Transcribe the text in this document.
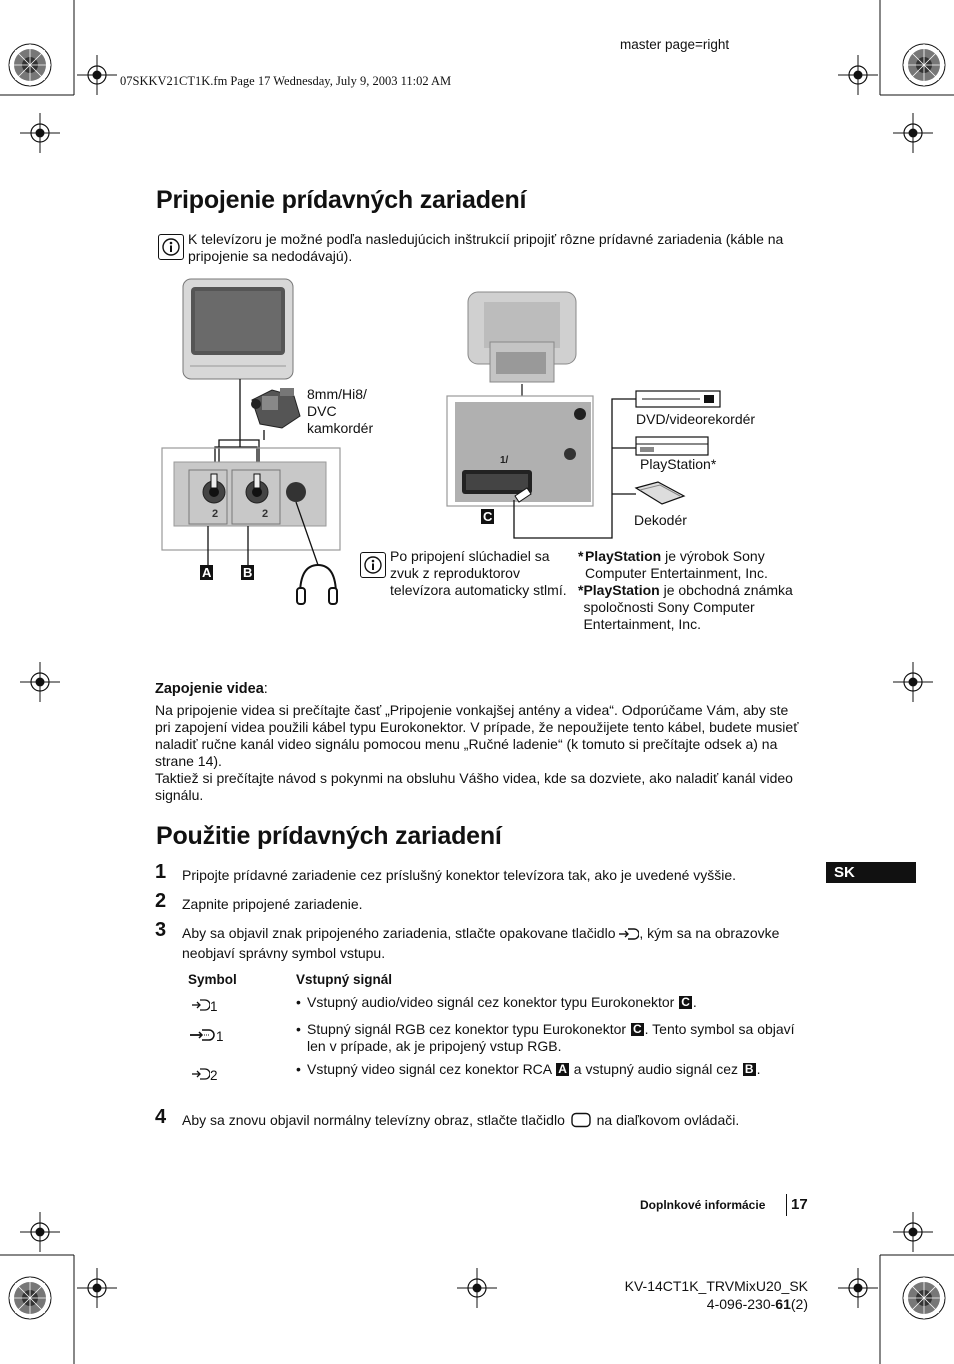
master page=right
07SKKV21CT1K.fm Page 17 Wednesday, July 9, 2003 11:02 AM
Pripojenie prídavných zariadení
K televízoru je možné podľa nasledujúcich inštrukcií pripojiť rôzne prídavné zariadenia (káble na pripojenie sa nedodávajú).
8mm/Hi8/
DVC
kamkordér
2	2
1/
DVD/videorekordér
PlayStation*
Dekodér
A B
C
Po pripojení slúchadiel sa zvuk z reproduktorov televízora automaticky stlmí.
* PlayStation je výrobok Sony Computer Entertainment, Inc.
* PlayStation je obchodná známka spoločnosti Sony Computer Entertainment, Inc.
Zapojenie videa:
Na pripojenie videa si prečítajte časť „Pripojenie vonkajšej antény a videa“. Odporúčame Vám, aby ste pri zapojení videa použili kábel typu Eurokonektor. V prípade, že nepoužijete tento kábel, budete musieť naladiť ručne kanál video signálu pomocou menu „Ručné ladenie“ (k tomuto si prečítajte odsek a) na strane 14).
Taktiež si prečítajte návod s pokynmi na obsluhu Vášho videa, kde sa dozviete, ako naladiť kanál video signálu.
Použitie prídavných zariadení
SK
1 Pripojte prídavné zariadenie cez príslušný konektor televízora tak, ako je uvedené vyššie.
2 Zapnite pripojené zariadenie.
3 Aby sa objavil znak pripojeného zariadenia, stlačte opakovane tlačidlo , kým sa na obrazovke neobjaví správny symbol vstupu.
Symbol	Vstupný signál
1	• Vstupný audio/video signál cez konektor typu Eurokonektor C .
1	• Stupný signál RGB cez konektor typu Eurokonektor C . Tento symbol sa objaví len v prípade, ak je pripojený vstup RGB.
2	• Vstupný video signál cez konektor RCA A a vstupný audio signál cez B .
4 Aby sa znovu objavil normálny televízny obraz, stlačte tlačidlo  na diaľkovom ovládači.
Doplnkové informácie 17
KV-14CT1K_TRVMixU20_SK
4-096-230-61(2)
